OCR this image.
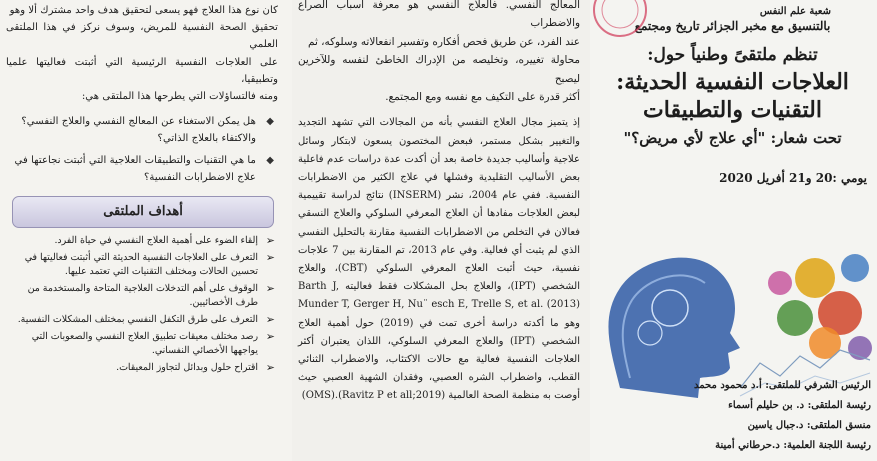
كان نوع هذا العلاج فهو يسعى لتحقيق هدف واحد مشترك ألا وهو

تحقيق الصحة النفسية للمريض، وسوف نركز في هذا الملتقى العلمي

على العلاجات النفسية الرئيسية التي أثبتت فعاليتها علميا وتطبيقيا،

ومنه فالتساؤلات التي يطرحها هذا الملتقى هي:

◆
هل يمكن الاستغناء عن المعالج النفسي والعلاج النفسي؟ والاكتفاء بالعلاج الذاتي؟
◆
ما هي التقنيات والتطبيقات العلاجية التي أثبتت نجاعتها في علاج الاضطرابات النفسية؟
أهداف الملتقى
➢
إلقاء الضوء على أهمية العلاج النفسي في حياة الفرد.
➢
التعرف على العلاجات النفسية الحديثة التي أثبتت فعاليتها في تحسين الحالات ومختلف التقنيات التي تعتمد عليها.
➢
الوقوف على أهم التدخلات العلاجية المتاحة والمستخدمة من طرف الأخصائيين.
➢
التعرف على طرق التكفل النفسي بمختلف المشكلات النفسية.
➢
رصد مختلف معيقات تطبيق العلاج النفسي والصعوبات التي يواجهها الأخصائي النفساني.
➢
اقتراح حلول وبدائل لتجاوز المعيقات.

المعالج النفسي. فالعلاج النفسي هو معرفة أسباب الصراع والاضطراب

عند الفرد، عن طريق فحص أفكاره وتفسير انفعالاته وسلوكه، ثم

محاولة تغييره، وتخليصه من الإدراك الخاطئ لنفسه وللآخرين ليصبح

أكثر قدرة على التكيف مع نفسه ومع المجتمع.

إذ يتميز مجال العلاج النفسي بأنه من المجالات التي تشهد التجديد والتغيير بشكل مستمر، فبعض المختصون يسعون لابتكار وسائل علاجية وأساليب جديدة خاصة بعد أن أكدت عدة دراسات عدم فاعلية بعض الأساليب التقليدية وفشلها في علاج الكثير من الاضطرابات النفسية. ففي عام 2004، نشر (INSERM) نتائج لدراسة تقييمية لبعض العلاجات مفادها أن العلاج المعرفي السلوكي والعلاج النسقي فعالان في التخلص من الاضطرابات النفسية مقارنة بالتحليل النفسي الذي لم يثبت أي فعالية. وفي عام 2013، تم المقارنة بين 7 علاجات نفسية، حيث أثبت العلاج المعرفي السلوكي (CBT)، والعلاج الشخصي (IPT)، والعلاج بحل المشكلات فقط فعاليته Barth J, Munder T, Gerger H, Nu¨ esch E, Trelle S, et al. (2013) وهو ما أكدته دراسة أخرى تمت في (2019) حول أهمية العلاج الشخصي (IPT) والعلاج المعرفي السلوكي، اللذان يعتبران أكثر العلاجات النفسية فعالية مع حالات الاكتئاب، والاضطراب الثنائي القطب، واضطراب الشره العصبي، وفقدان الشهية العصبي حيث أوصت به منظمة الصحة العالمية (Ravitz P et all;2019).(OMS)

شعبة علم النفس
بالتنسيق مع مخبر الجزائر تاريخ ومجتمع
تنظم ملتقىً وطنياً حول:
العلاجات النفسية الحديثة:
التقنيات والتطبيقات
تحت شعار: "أي علاج لأي مريض؟"
يومي :20 و21 أفريل 2020
الرئيس الشرفي للملتقى: أ.د محمود محمد
رئيسة الملتقى: د. بن حليلم أسماء
منسق الملتقى: د.جبال ياسين
رئيسة اللجنة العلمية: د.حرطاني أمينة
